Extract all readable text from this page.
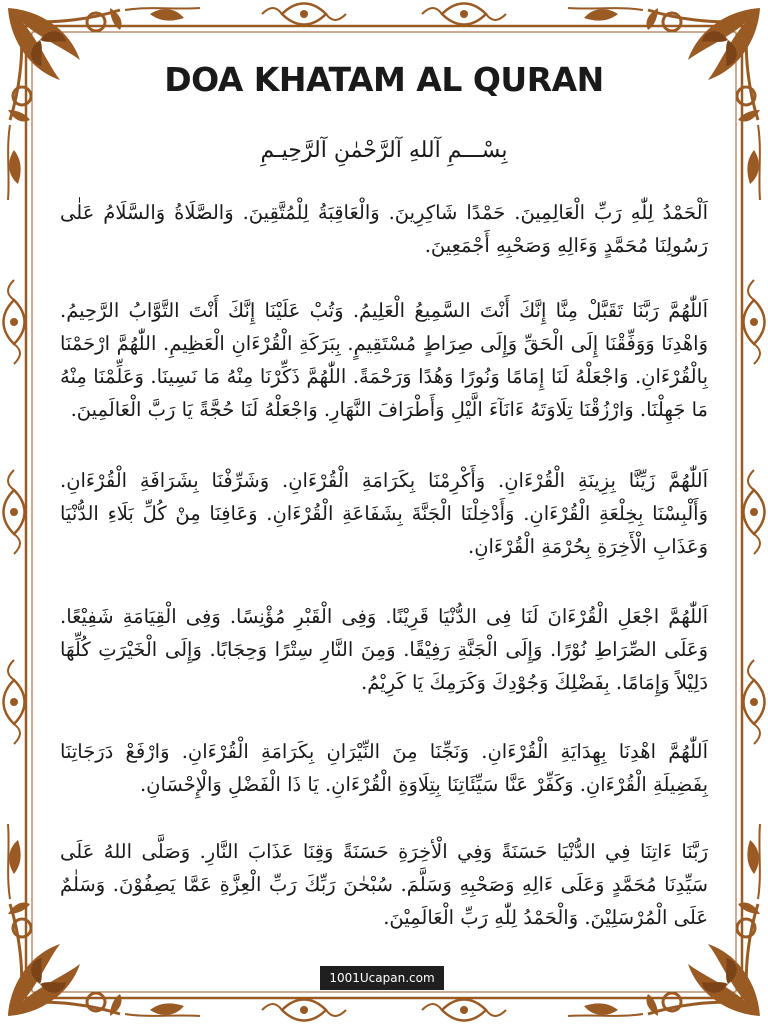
DOA KHATAM AL QURAN
بِسْـــمِ آللهِ آلرَّحْمٰنِ آلرَّحِيـمِ
اَلْحَمْدُ لِلّٰهِ رَبِّ الْعَالِمِينَ. حَمْدًا شَاكِرِينَ. وَالْعَاقِبَةُ لِلْمُتَّقِينَ. وَالصَّلَاةُ وَالسَّلَامُ عَلٰى رَسُولِنَا مُحَمَّدٍ وَءَالِهِ وَصَحْبِهِ أَجْمَعِينَ.
اَللّٰهُمَّ رَبَّنَا تَقَبَّلْ مِنَّا إِنَّكَ أَنْتَ السَّمِيعُ الْعَلِيمُ. وَتُبْ عَلَيْنَا إِنَّكَ أَنْتَ التَّوَّابُ الرَّحِيمُ. وَاهْدِنَا وَوَفِّقْنَا إِلَى الْحَقِّ وَإِلَى صِرَاطٍ مُسْتَقِيمٍ. بِبَرَكَةِ الْقُرْءَانِ الْعَظِيمِ. اللّٰهُمَّ ارْحَمْنَا بِالْقُرْءَانِ. وَاجْعَلْهُ لَنَا إِمَامًا وَنُورًا وَهُدًا وَرَحْمَةً. اللّٰهُمَّ ذَكِّرْنَا مِنْهُ مَا نَسِينَا. وَعَلِّمْنَا مِنْهُ مَا جَهِلْنَا. وَارْزُقْنَا تِلَاوَتَهُ ءَانَآءَ الَّيْلِ وَأَطْرَافَ النَّهَارِ. وَاجْعَلْهُ لَنَا حُجَّةً يَا رَبَّ الْعَالَمِينَ.
اَللّٰهُمَّ زَيِّنَّا بِزِينَةِ الْقُرْءَانِ. وَأَكْرِمْنَا بِكَرَامَةِ الْقُرْءَانِ. وَشَرِّفْنَا بِشَرَافَةِ الْقُرْءَانِ. وَأَلْبِسْنَا بِخِلْعَةِ الْقُرْءَانِ. وَأَدْخِلْنَا الْجَنَّةَ بِشَفَاعَةِ الْقُرْءَانِ. وَعَافِنَا مِنْ كُلِّ بَلَاءِ الدُّنْيَا وَعَذَابِ الْأَخِرَةِ بِحُرْمَةِ الْقُرْءَانِ.
اَللّٰهُمَّ اجْعَلِ الْقُرْءَانَ لَنَا فِى الدُّنْيَا قَرِيْنًا. وَفِى الْقَبْرِ مُؤْنِسًا. وَفِى الْقِيَامَةِ شَفِيْعًا. وَعَلَى الصِّرَاطِ نُوْرًا. وَإِلَى الْجَنَّةِ رَفِيْقًا. وَمِنَ النَّارِ سِتْرًا وَحِجَابًا. وَإِلَى الْخَيْرَتِ كُلِّهَا دَلِيْلاً وَإِمَامًا. بِفَضْلِكَ وَجُوْدِكَ وَكَرَمِكَ يَا كَرِيْمُ.
اَللّٰهُمَّ اهْدِنَا بِهِدَايَةِ الْقُرْءَانِ. وَنَجِّنَا مِنَ النِّيْرَانِ بِكَرَامَةِ الْقُرْءَانِ. وَارْفَعْ دَرَجَاتِنَا بِفَضِيلَةِ الْقُرْءَانِ. وَكَفِّرْ عَنَّا سَيِّئَاتِنَا بِتِلَاوَةِ الْقُرْءَانِ. يَا ذَا الْفَضْلِ وَالْإِحْسَانِ.
رَبَّنَا ءَاتِنَا فِي الدُّنْيَا حَسَنَةً وَفِي الْأخِرَةِ حَسَنَةً وَقِنَا عَذَابَ النَّارِ. وَصَلَّى اللهُ عَلَى سَيِّدِنَا مُحَمَّدٍ وَعَلَى ءَالِهِ وَصَحْبِهِ وَسَلَّمَ. سُبْحٰنَ رَبِّكَ رَبِّ الْعِزَّةِ عَمَّا يَصِفُوْنَ. وَسَلٰمٌ عَلَى الْمُرْسَلِيْنَ. وَالْحَمْدُ لِلّٰهِ رَبِّ الْعَالَمِيْنَ.
1001Ucapan.com
